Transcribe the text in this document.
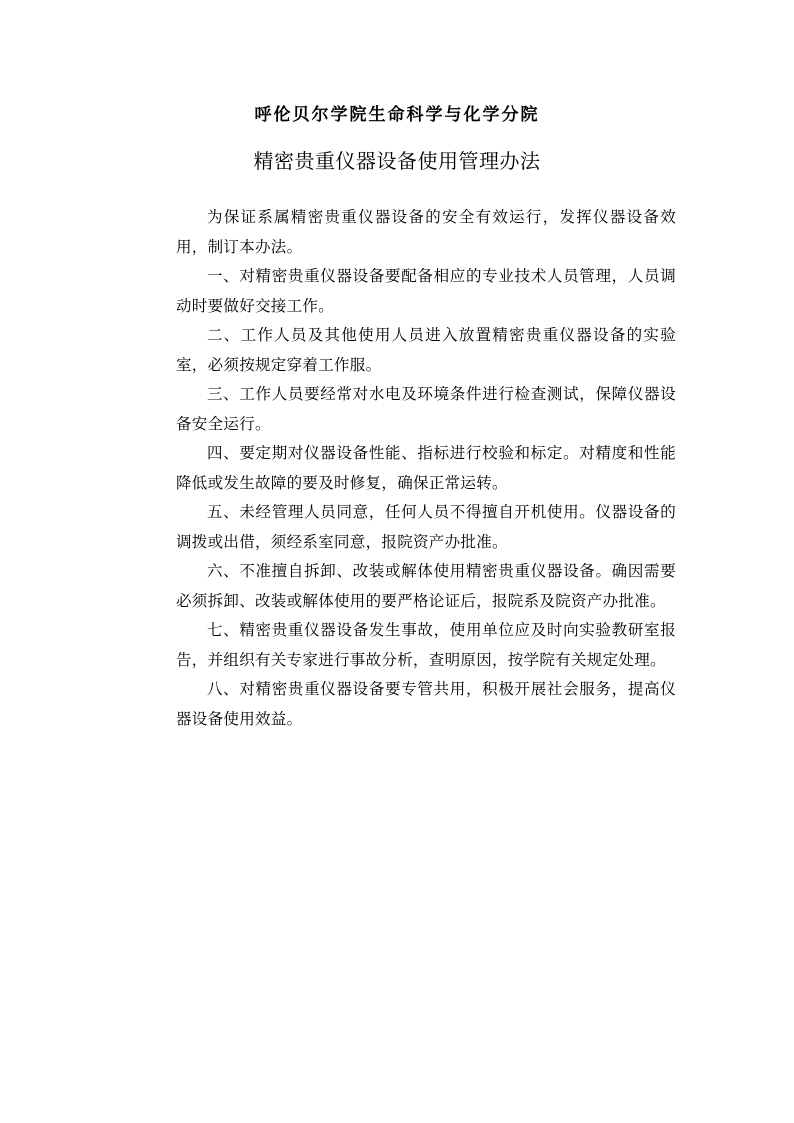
呼伦贝尔学院生命科学与化学分院
精密贵重仪器设备使用管理办法

为保证系属精密贵重仪器设备的安全有效运行，发挥仪器设备效用，制订本办法。

一、对精密贵重仪器设备要配备相应的专业技术人员管理，人员调动时要做好交接工作。

二、工作人员及其他使用人员进入放置精密贵重仪器设备的实验室，必须按规定穿着工作服。

三、工作人员要经常对水电及环境条件进行检查测试，保障仪器设备安全运行。

四、要定期对仪器设备性能、指标进行校验和标定。对精度和性能降低或发生故障的要及时修复，确保正常运转。

五、未经管理人员同意，任何人员不得擅自开机使用。仪器设备的调拨或出借，须经系室同意，报院资产办批准。

六、不准擅自拆卸、改装或解体使用精密贵重仪器设备。确因需要必须拆卸、改装或解体使用的要严格论证后，报院系及院资产办批准。

七、精密贵重仪器设备发生事故，使用单位应及时向实验教研室报告，并组织有关专家进行事故分析，查明原因，按学院有关规定处理。

八、对精密贵重仪器设备要专管共用，积极开展社会服务，提高仪器设备使用效益。
